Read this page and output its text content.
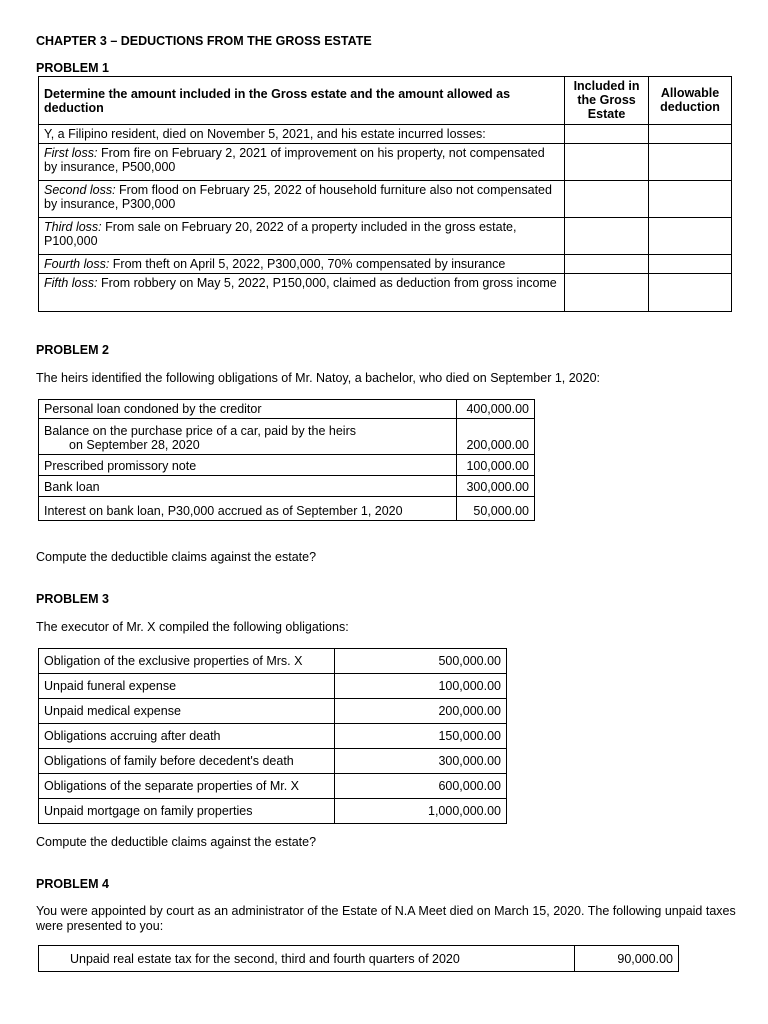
CHAPTER 3 – DEDUCTIONS FROM THE GROSS ESTATE
PROBLEM 1
Determine the amount included in the Gross estate and the amount allowed as deduction	Included in the Gross Estate	Allowable deduction
Y, a Filipino resident, died on November 5, 2021, and his estate incurred losses:		
First loss: From fire on February 2, 2021 of improvement on his property, not compensated by insurance, P500,000		
Second loss: From flood on February 25, 2022 of household furniture also not compensated by insurance, P300,000		
Third loss: From sale on February 20, 2022 of a property included in the gross estate, P100,000		
Fourth loss: From theft on April 5, 2022, P300,000, 70% compensated by insurance		
Fifth loss: From robbery on May 5, 2022, P150,000, claimed as deduction from gross income		
PROBLEM 2
The heirs identified the following obligations of Mr. Natoy, a bachelor, who died on September 1, 2020:
Personal loan condoned by the creditor	400,000.00
Balance on the purchase price of a car, paid by the heirs
on September 28, 2020	200,000.00
Prescribed promissory note	100,000.00
Bank loan	300,000.00
Interest on bank loan, P30,000 accrued as of September 1, 2020	50,000.00
Compute the deductible claims against the estate?
PROBLEM 3
The executor of Mr. X compiled the following obligations:
Obligation of the exclusive properties of Mrs. X	500,000.00
Unpaid funeral expense	100,000.00
Unpaid medical expense	200,000.00
Obligations accruing after death	150,000.00
Obligations of family before decedent's death	300,000.00
Obligations of the separate properties of Mr. X	600,000.00
Unpaid mortgage on family properties	1,000,000.00
Compute the deductible claims against the estate?
PROBLEM 4
You were appointed by court as an administrator of the Estate of N.A Meet died on March 15, 2020. The following unpaid taxes were presented to you:
Unpaid real estate tax for the second, third and fourth quarters of 2020	90,000.00
